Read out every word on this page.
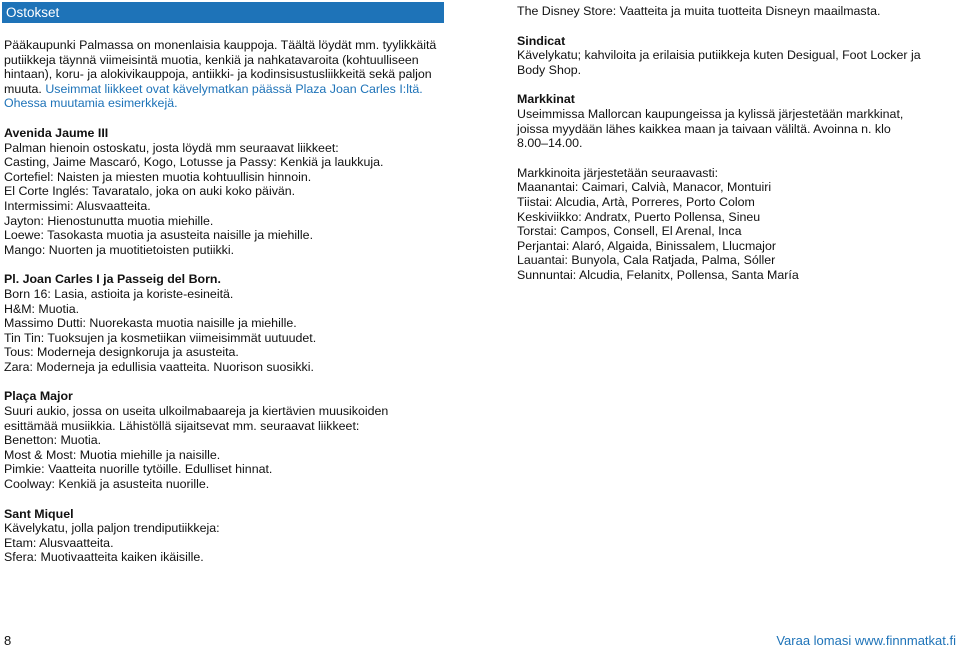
Ostokset

Pääkaupunki Palmassa on monenlaisia kauppoja. Täältä löydät mm. tyylikkäitä putiikkeja täynnä viimeisintä muotia, kenkiä ja nahkatavaroita (kohtuulliseen hintaan), koru- ja alokivikauppoja, antiikki- ja kodinsisustusliikkeitä sekä paljon muuta. Useimmat liikkeet ovat kävelymatkan päässä Plaza Joan Carles I:ltä. Ohessa muutamia esimerkkejä.

Avenida Jaume III
Palman hienoin ostoskatu, josta löydä mm seuraavat liikkeet:
Casting, Jaime Mascaró, Kogo, Lotusse ja Passy: Kenkiä ja laukkuja.
Cortefiel: Naisten ja miesten muotia kohtuullisin hinnoin.
El Corte Inglés: Tavaratalo, joka on auki koko päivän.
Intermissimi: Alusvaatteita.
Jayton: Hienostunutta muotia miehille.
Loewe: Tasokasta muotia ja asusteita naisille ja miehille.
Mango: Nuorten ja muotitietoisten putiikki.
Pl. Joan Carles I ja Passeig del Born.
Born 16: Lasia, astioita ja koriste-esineitä.
H&M: Muotia.
Massimo Dutti: Nuorekasta muotia naisille ja miehille.
Tin Tin: Tuoksujen ja kosmetiikan viimeisimmät uutuudet.
Tous: Moderneja designkoruja ja asusteita.
Zara: Moderneja ja edullisia vaatteita. Nuorison suosikki.
Plaça Major
Suuri aukio, jossa on useita ulkoilmabaareja ja kiertävien muusikoiden
esittämää musiikkia. Lähistöllä sijaitsevat mm. seuraavat liikkeet:
Benetton: Muotia.
Most & Most: Muotia miehille ja naisille.
Pimkie: Vaatteita nuorille tytöille. Edulliset hinnat.
Coolway: Kenkiä ja asusteita nuorille.
Sant Miquel
Kävelykatu, jolla paljon trendiputiikkeja:
Etam: Alusvaatteita.
Sfera: Muotivaatteita kaiken ikäisille.
The Disney Store: Vaatteita ja muita tuotteita Disneyn maailmasta.
Sindicat
Kävelykatu; kahviloita ja erilaisia putiikkeja kuten Desigual, Foot Locker ja
Body Shop.
Markkinat
Useimmissa Mallorcan kaupungeissa ja kylissä järjestetään markkinat,
joissa myydään lähes kaikkea maan ja taivaan väliltä. Avoinna n. klo
8.00–14.00.
Markkinoita järjestetään seuraavasti:
Maanantai: Caimari, Calvià, Manacor, Montuiri
Tiistai: Alcudia, Artà, Porreres, Porto Colom
Keskiviikko: Andratx, Puerto Pollensa, Sineu
Torstai: Campos, Consell, El Arenal, Inca
Perjantai: Alaró, Algaida, Binissalem, Llucmajor
Lauantai: Bunyola, Cala Ratjada, Palma, Sóller
Sunnuntai: Alcudia, Felanitx, Pollensa, Santa María
8	Varaa lomasi www.finnmatkat.fi
